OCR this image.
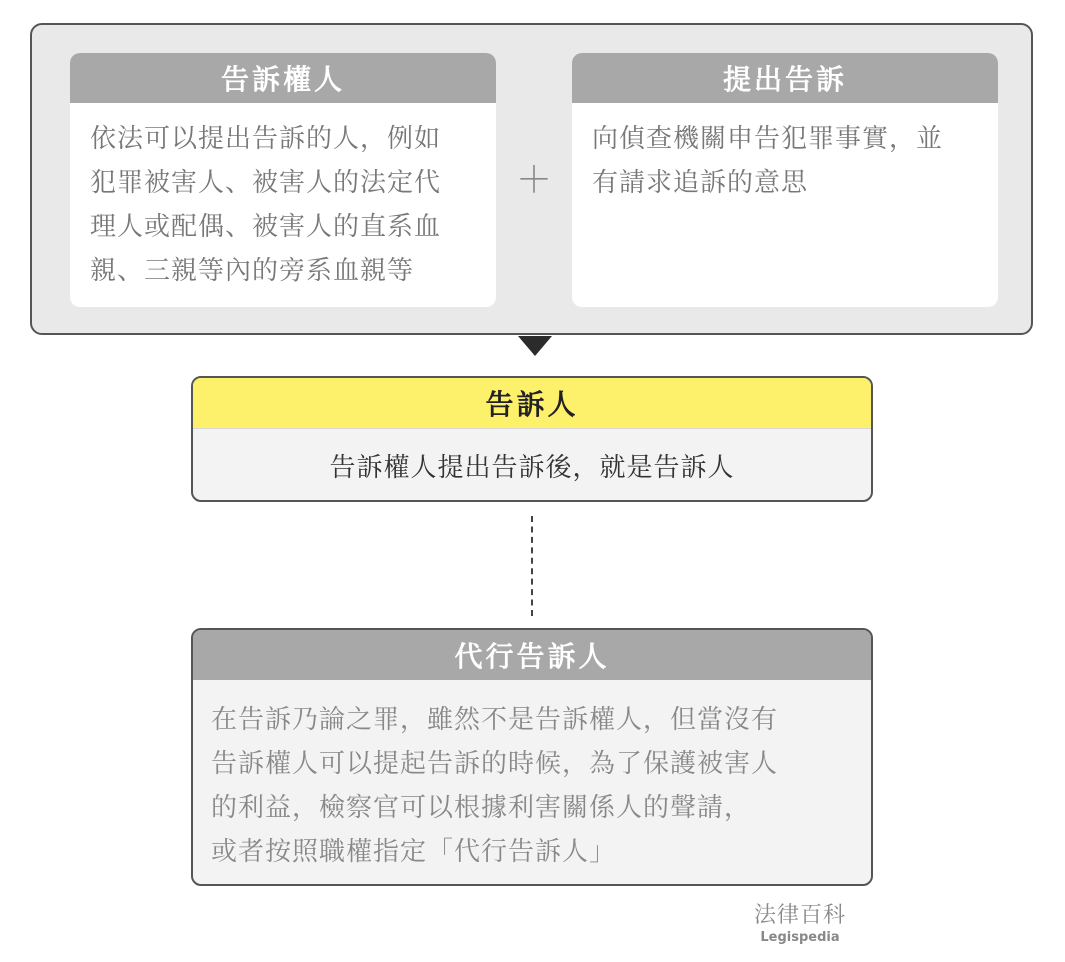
告訴權人
依法可以提出告訴的人，例如
犯罪被害人、被害人的法定代
理人或配偶、被害人的直系血
親、三親等內的旁系血親等
＋
提出告訴
向偵查機關申告犯罪事實，並
有請求追訴的意思
告訴人
告訴權人提出告訴後，就是告訴人
代行告訴人
在告訴乃論之罪，雖然不是告訴權人，但當沒有
告訴權人可以提起告訴的時候，為了保護被害人
的利益，檢察官可以根據利害關係人的聲請，
或者按照職權指定「代行告訴人」
法律百科
Legispedia
